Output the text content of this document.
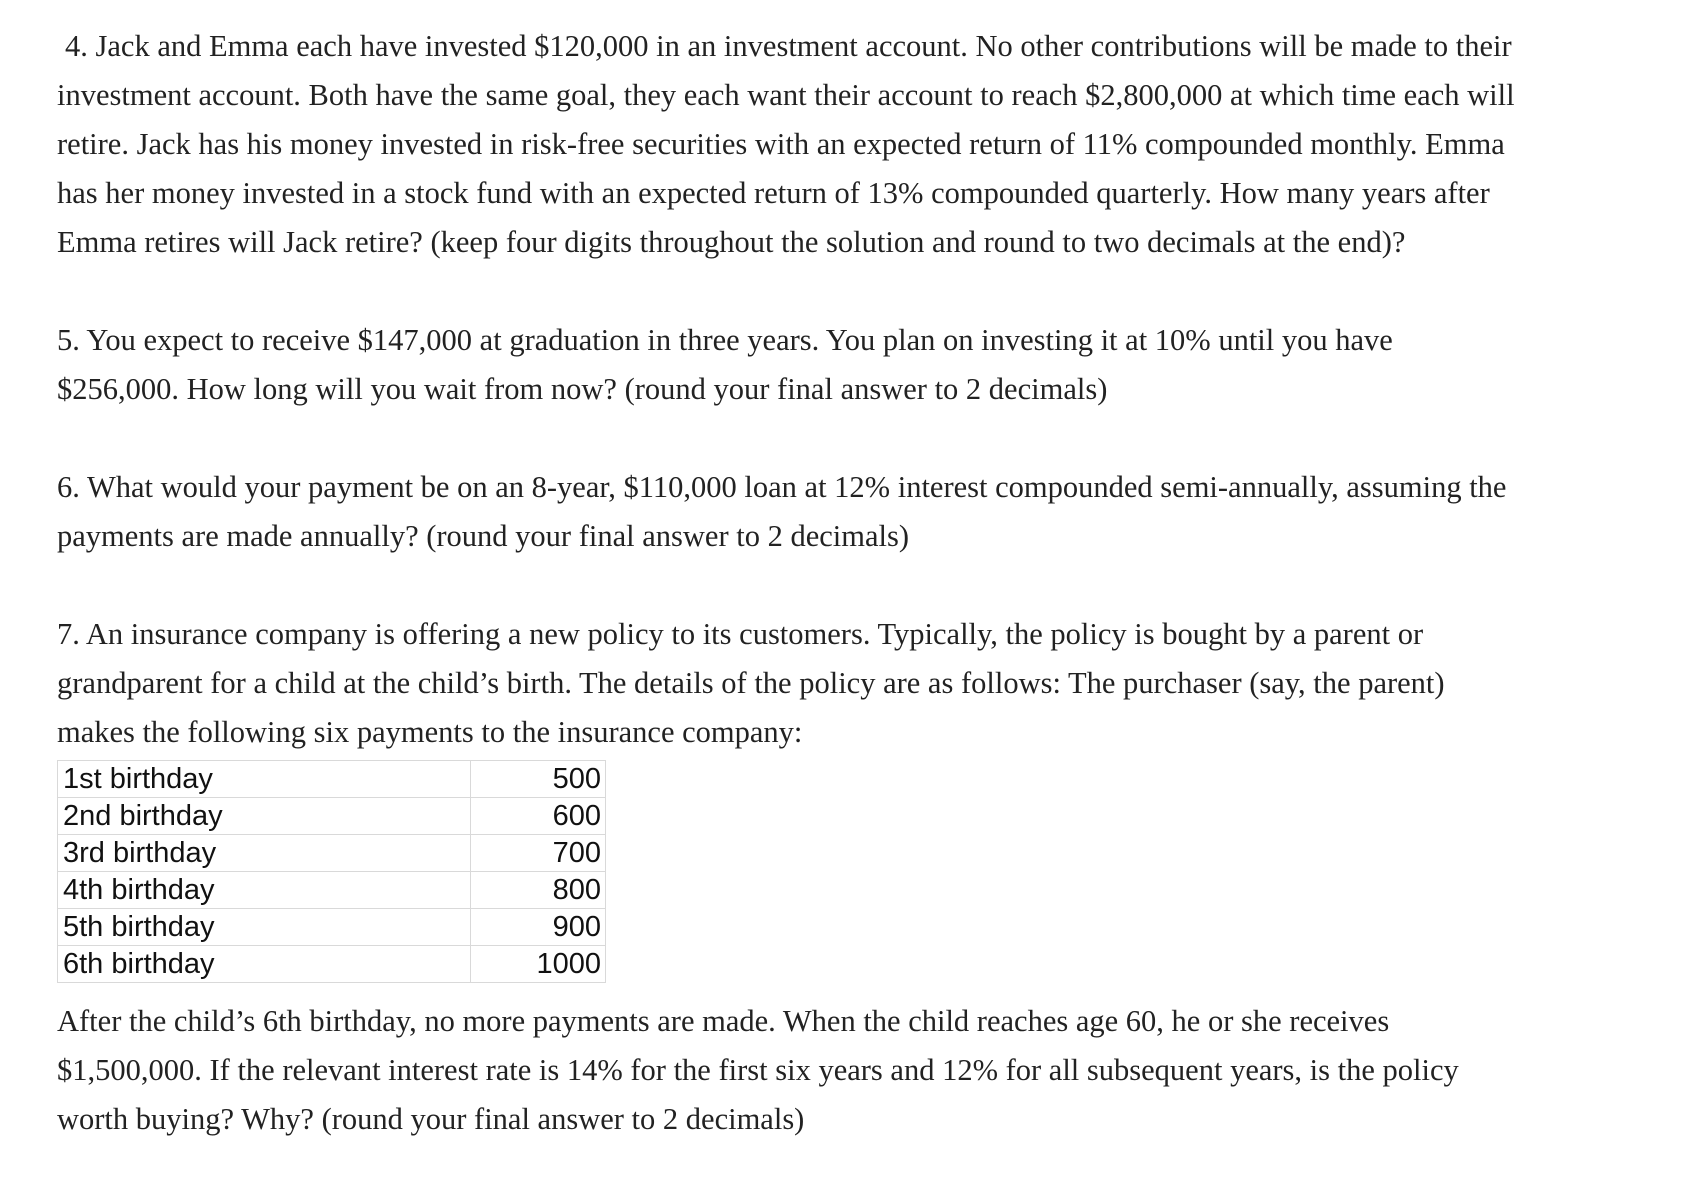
4. Jack and Emma each have invested $120,000 in an investment account. No other contributions will be made to their investment account. Both have the same goal, they each want their account to reach $2,800,000 at which time each will retire. Jack has his money invested in risk-free securities with an expected return of 11% compounded monthly. Emma has her money invested in a stock fund with an expected return of 13% compounded quarterly. How many years after Emma retires will Jack retire? (keep four digits throughout the solution and round to two decimals at the end)?

5. You expect to receive $147,000 at graduation in three years. You plan on investing it at 10% until you have $256,000. How long will you wait from now? (round your final answer to 2 decimals)

6. What would your payment be on an 8-year, $110,000 loan at 12% interest compounded semi-annually, assuming the payments are made annually? (round your final answer to 2 decimals)

7. An insurance company is offering a new policy to its customers. Typically, the policy is bought by a parent or grandparent for a child at the child’s birth. The details of the policy are as follows: The purchaser (say, the parent) makes the following six payments to the insurance company:

1st birthday	500
2nd birthday	600
3rd birthday	700
4th birthday	800
5th birthday	900
6th birthday	1000

After the child’s 6th birthday, no more payments are made. When the child reaches age 60, he or she receives $1,500,000. If the relevant interest rate is 14% for the first six years and 12% for all subsequent years, is the policy worth buying? Why? (round your final answer to 2 decimals)
